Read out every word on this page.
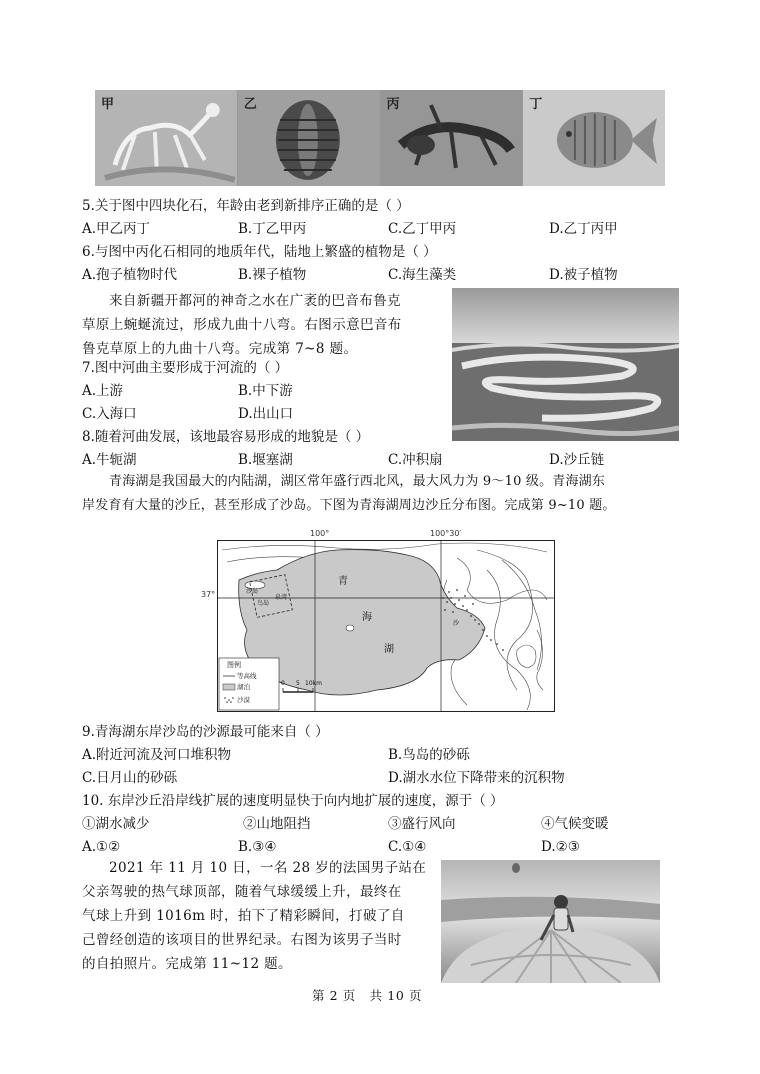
甲	乙	丙	丁
5.关于图中四块化石，年龄由老到新排序正确的是（ ）
A.甲乙丙丁	B.丁乙甲丙	C.乙丁甲丙	D.乙丁丙甲
6.与图中丙化石相同的地质年代，陆地上繁盛的植物是（ ）
A.孢子植物时代	B.裸子植物	C.海生藻类	D.被子植物
来自新疆开都河的神奇之水在广袤的巴音布鲁克
草原上蜿蜒流过，形成九曲十八弯。右图示意巴音布
鲁克草原上的九曲十八弯。完成第 7~8 题。
7.图中河曲主要形成于河流的（ ）
A.上游	B.中下游
C.入海口	D.出山口
8.随着河曲发展，该地最容易形成的地貌是（ ）
A.牛轭湖	B.堰塞湖	C.冲积扇	D.沙丘链
青海湖是我国最大的内陆湖，湖区常年盛行西北风，最大风力为 9～10 级。青海湖东
岸发育有大量的沙丘，甚至形成了沙岛。下图为青海湖周边沙丘分布图。完成第 9~10 题。
100°	100°30′
37°
青
海
湖
沙岛
鸟岛
泉湾
沙
图例
等高线
湖泊
沙漠
0 5 10km
9.青海湖东岸沙岛的沙源最可能来自（ ）
A.附近河流及河口堆积物	B.鸟岛的砂砾
C.日月山的砂砾	D.湖水水位下降带来的沉积物
10. 东岸沙丘沿岸线扩展的速度明显快于向内地扩展的速度，源于（ ）
①湖水减少	②山地阻挡	③盛行风向	④气候变暖
A.①②	B.③④	C.①④	D.②③
2021 年 11 月 10 日，一名 28 岁的法国男子站在
父亲驾驶的热气球顶部，随着气球缓缓上升，最终在
气球上升到 1016m 时，拍下了精彩瞬间，打破了自
己曾经创造的该项目的世界纪录。右图为该男子当时
的自拍照片。完成第 11~12 题。
第 2 页   共 10 页
